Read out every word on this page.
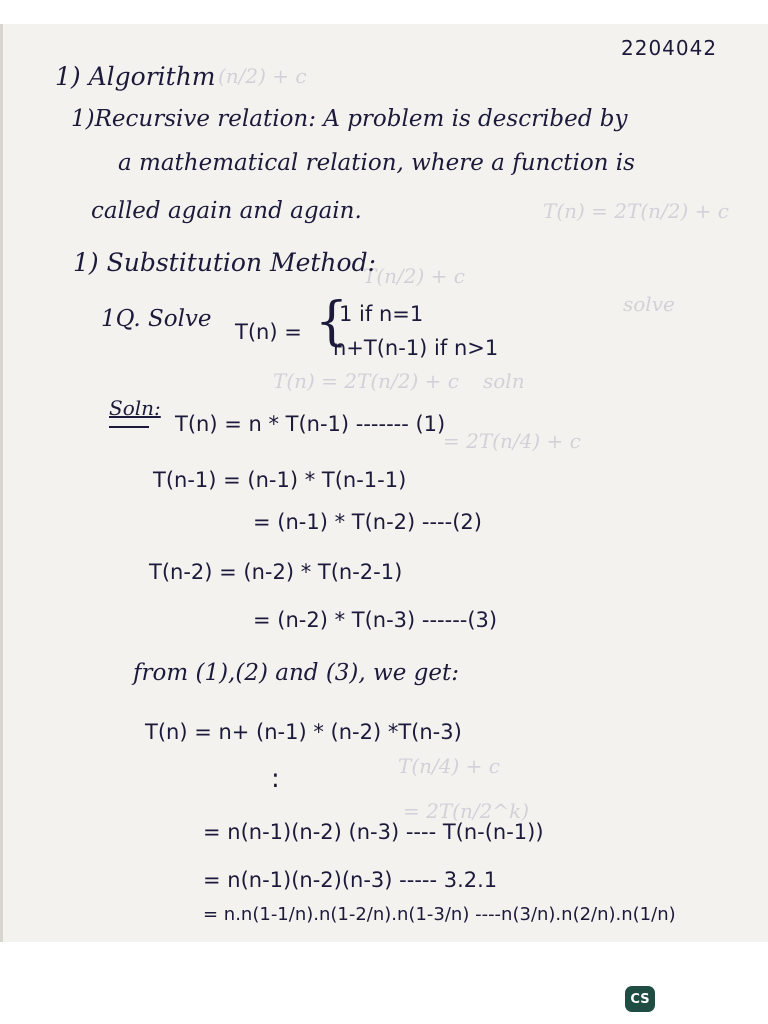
(n/2) + c
T(n) = 2T(n/2) + c
solve
T(n/2) + c
soln
T(n) = 2T(n/2) + c
= 2T(n/4) + c
T(n/4) + c
= 2T(n/2^k)
2204042
1) Algorithm
1)Recursive relation: A problem is described by
a mathematical relation, where a function is
called again and again.
1) Substitution Method:
1Q. Solve T(n) = {
1 if n=1
n+T(n-1) if n>1
Soln:
T(n) = n * T(n-1) ------- (1)
T(n-1) = (n-1) * T(n-1-1)
= (n-1) * T(n-2) ----(2)
T(n-2) = (n-2) * T(n-2-1)
= (n-2) * T(n-3) ------(3)
from (1),(2) and (3), we get:
T(n) = n+ (n-1) * (n-2) *T(n-3)
:
= n(n-1)(n-2) (n-3) ---- T(n-(n-1))
= n(n-1)(n-2)(n-3) ----- 3.2.1
= n.n(1-1/n).n(1-2/n).n(1-3/n) ----n(3/n).n(2/n).n(1/n)
CS
